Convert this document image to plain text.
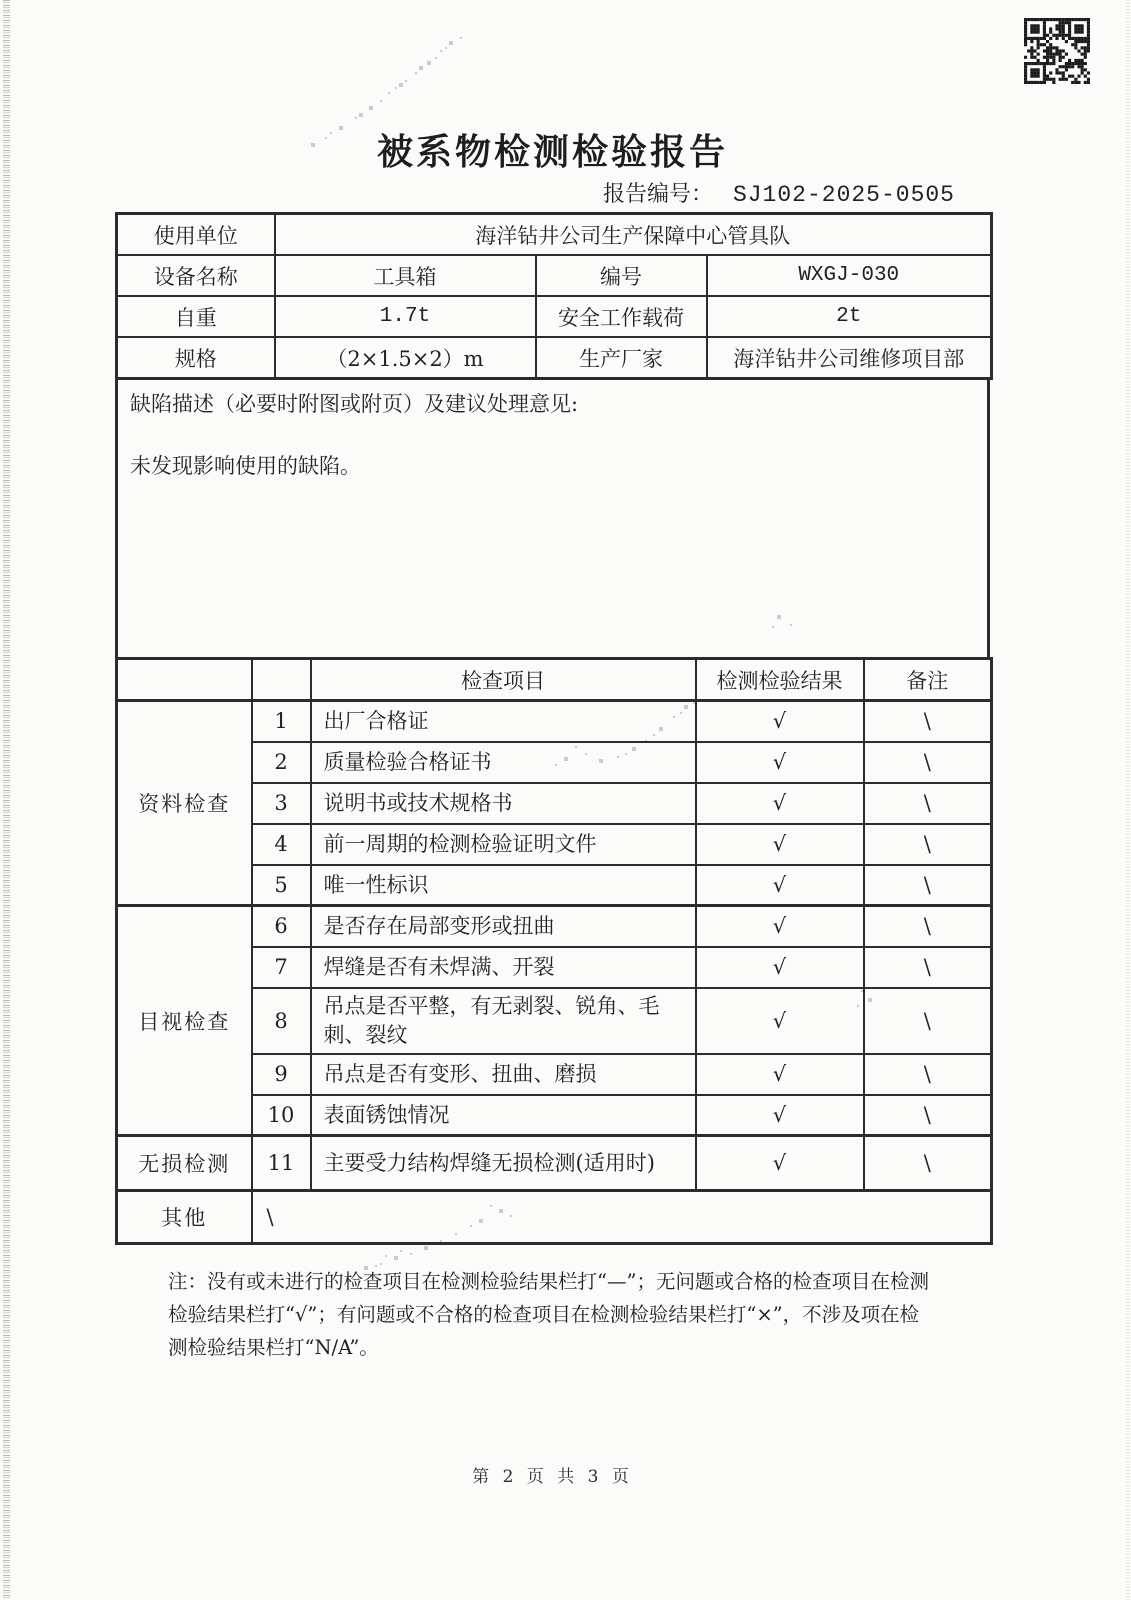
被系物检测检验报告
报告编号： SJ102-2025-0505
使用单位	海洋钻井公司生产保障中心管具队		
设备名称	工具箱	编号	WXGJ-030
自重	1.7t	安全工作载荷	2t
规格	（2×1.5×2）m	生产厂家	海洋钻井公司维修项目部

缺陷描述（必要时附图或附页）及建议处理意见:

未发现影响使用的缺陷。

		检查项目	检测检验结果	备注
资料检查	1	出厂合格证	√	\
	2	质量检验合格证书	√	\
	3	说明书或技术规格书	√	\
	4	前一周期的检测检验证明文件	√	\
	5	唯一性标识	√	\
目视检查	6	是否存在局部变形或扭曲	√	\
	7	焊缝是否有未焊满、开裂	√	\
	8	吊点是否平整，有无剥裂、锐角、毛刺、裂纹	√	\
	9	吊点是否有变形、扭曲、磨损	√	\
	10	表面锈蚀情况	√	\
无损检测	11	主要受力结构焊缝无损检测(适用时)	√	\
其他	\			
注：没有或未进行的检查项目在检测检验结果栏打“—”；无问题或合格的检查项目在检测
检验结果栏打“√”；有问题或不合格的检查项目在检测检验结果栏打“×”，不涉及项在检
测检验结果栏打“N/A”。
第 2 页 共 3 页
